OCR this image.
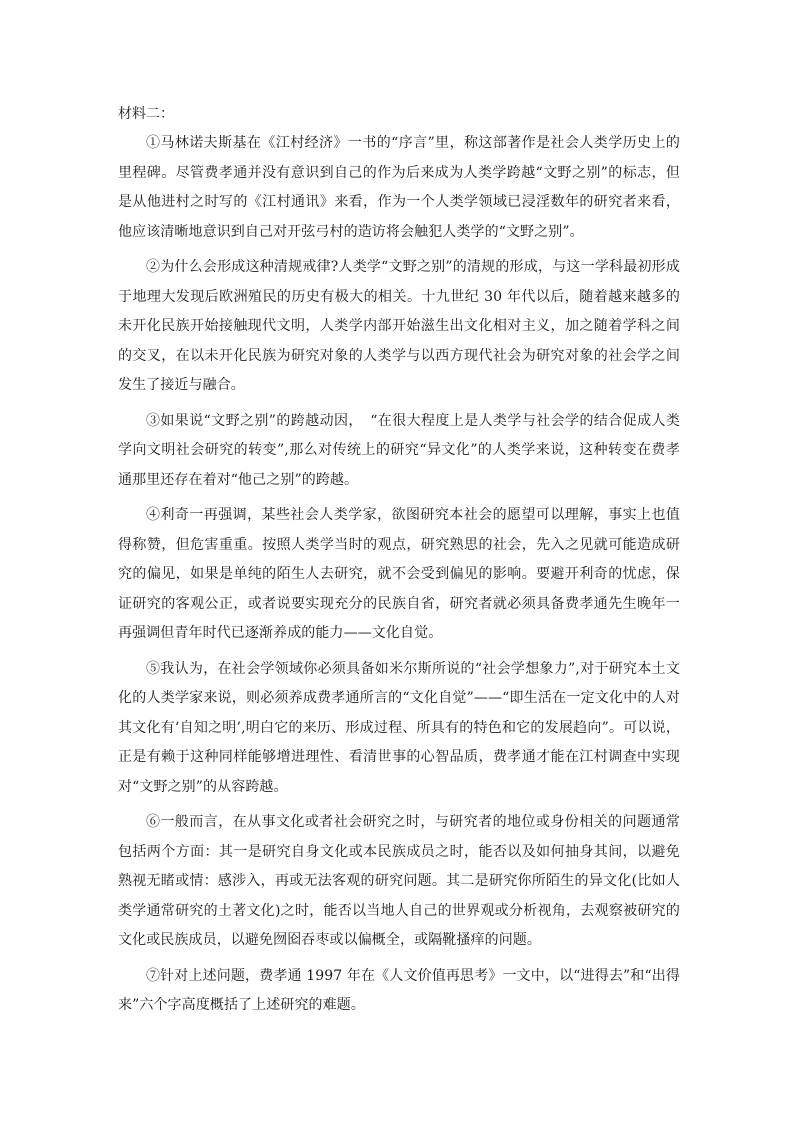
材料二：

①马林诺夫斯基在《江村经济》一书的“序言”里，称这部著作是社会人类学历史上的里程碑。尽管费孝通并没有意识到自己的作为后来成为人类学跨越“文野之别”的标志，但是从他进村之时写的《江村通讯》来看，作为一个人类学领域已浸淫数年的研究者来看，他应该清晰地意识到自己对开弦弓村的造访将会触犯人类学的“文野之别”。

②为什么会形成这种清规戒律?人类学“文野之别”的清规的形成，与这一学科最初形成于地理大发现后欧洲殖民的历史有极大的相关。十九世纪 30 年代以后，随着越来越多的未开化民族开始接触现代文明，人类学内部开始滋生出文化相对主义，加之随着学科之间的交叉，在以未开化民族为研究对象的人类学与以西方现代社会为研究对象的社会学之间发生了接近与融合。

③如果说“文野之别”的跨越动因，　“在很大程度上是人类学与社会学的结合促成人类学向文明社会研究的转变”,那么对传统上的研究“异文化”的人类学来说，这种转变在费孝通那里还存在着对“他己之别”的跨越。

④利奇一再强调，某些社会人类学家，欲图研究本社会的愿望可以理解，事实上也值得称赞，但危害重重。按照人类学当时的观点，研究熟思的社会，先入之见就可能造成研究的偏见，如果是单纯的陌生人去研究，就不会受到偏见的影响。要避开利奇的忧虑，保证研究的客观公正，或者说要实现充分的民族自省，研究者就必须具备费孝通先生晚年一再强调但青年时代已逐渐养成的能力——文化自觉。

⑤我认为，在社会学领域你必须具备如米尔斯所说的“社会学想象力”,对于研究本土文化的人类学家来说，则必须养成费孝通所言的“文化自觉”——“即生活在一定文化中的人对其文化有‘自知之明’,明白它的来历、形成过程、所具有的特色和它的发展趋向”。可以说，正是有赖于这种同样能够增进理性、看清世事的心智品质，费孝通才能在江村调查中实现对“文野之别”的从容跨越。

⑥一般而言，在从事文化或者社会研究之时，与研究者的地位或身份相关的问题通常包括两个方面：其一是研究自身文化或本民族成员之时，能否以及如何抽身其间，以避免熟视无睹或情：感涉入，再或无法客观的研究问题。其二是研究你所陌生的异文化(比如人类学通常研究的土著文化)之时，能否以当地人自己的世界观或分析视角，去观察被研究的文化或民族成员，以避免囫囵吞枣或以偏概全，或隔靴搔痒的问题。

⑦针对上述问题，费孝通 1997 年在《人文价值再思考》一文中，以“进得去”和“出得来”六个字高度概括了上述研究的难题。
